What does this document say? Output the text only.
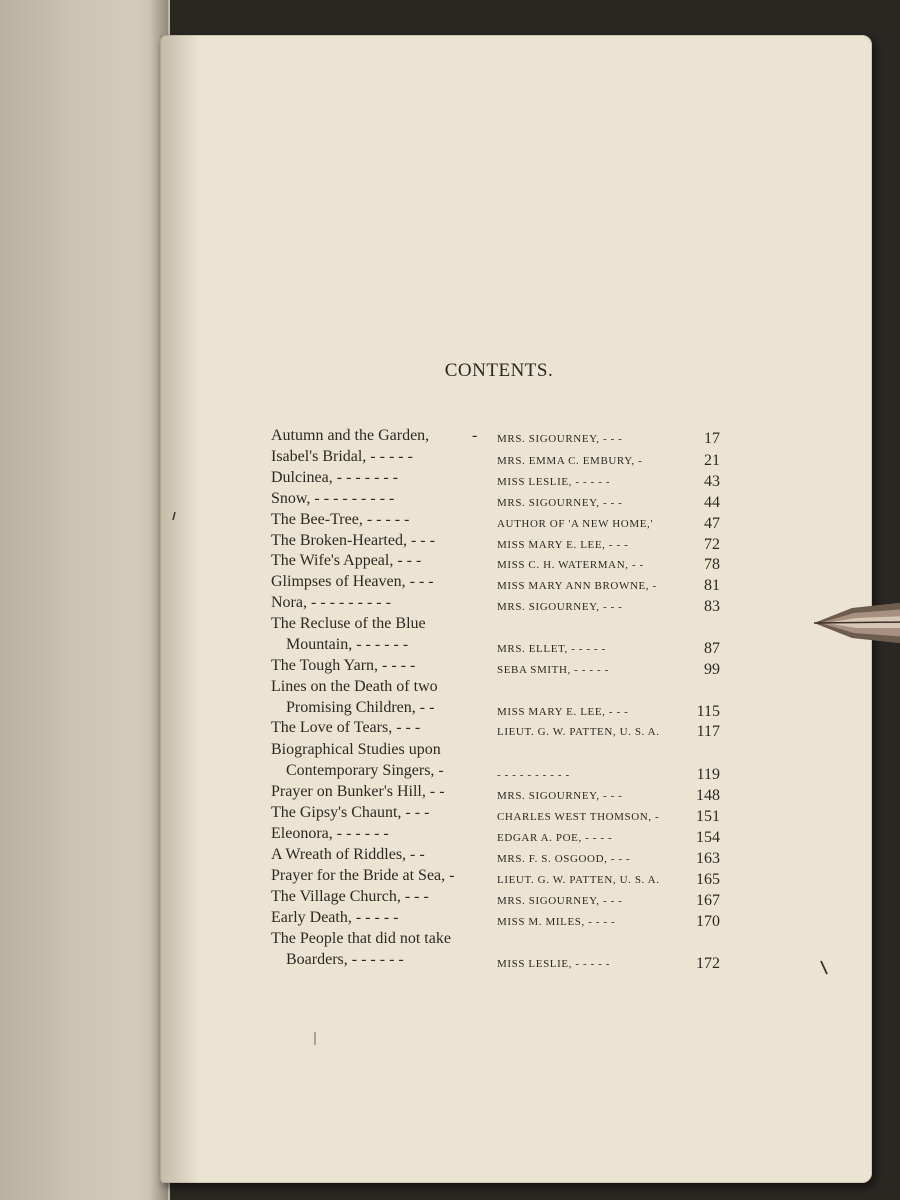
CONTENTS.
Autumn and the Garden,	- MRS. SIGOURNEY, - - -	17
Isabel's Bridal, - - - - -	MRS. EMMA C. EMBURY, -	21
Dulcinea, - - - - - - -	MISS LESLIE, - - - - -	43
Snow, - - - - - - - - -	MRS. SIGOURNEY, - - -	44
The Bee-Tree, - - - - -	AUTHOR OF 'A NEW HOME,'	47
The Broken-Hearted, - - -	MISS MARY E. LEE, - - -	72
The Wife's Appeal, - - -	MISS C. H. WATERMAN, - -	78
Glimpses of Heaven, - - -	MISS MARY ANN BROWNE, -	81
Nora, - - - - - - - - -	MRS. SIGOURNEY, - - -	83
The Recluse of the Blue
Mountain, - - - - - -	MRS. ELLET, - - - - -	87
The Tough Yarn, - - - -	SEBA SMITH, - - - - -	99
Lines on the Death of two
Promising Children, - -	MISS MARY E. LEE, - - -	115
The Love of Tears, - - -	LIEUT. G. W. PATTEN, U. S. A.	117
Biographical Studies upon
Contemporary Singers, -	- - - - - - - - - -	119
Prayer on Bunker's Hill, - -	MRS. SIGOURNEY, - - -	148
The Gipsy's Chaunt, - - -	CHARLES WEST THOMSON, -	151
Eleonora, - - - - - -	EDGAR A. POE, - - - -	154
A Wreath of Riddles, - -	MRS. F. S. OSGOOD, - - -	163
Prayer for the Bride at Sea, -	LIEUT. G. W. PATTEN, U. S. A.	165
The Village Church, - - -	MRS. SIGOURNEY, - - -	167
Early Death, - - - - -	MISS M. MILES, - - - -	170
The People that did not take
Boarders, - - - - - -	MISS LESLIE, - - - - -	172
